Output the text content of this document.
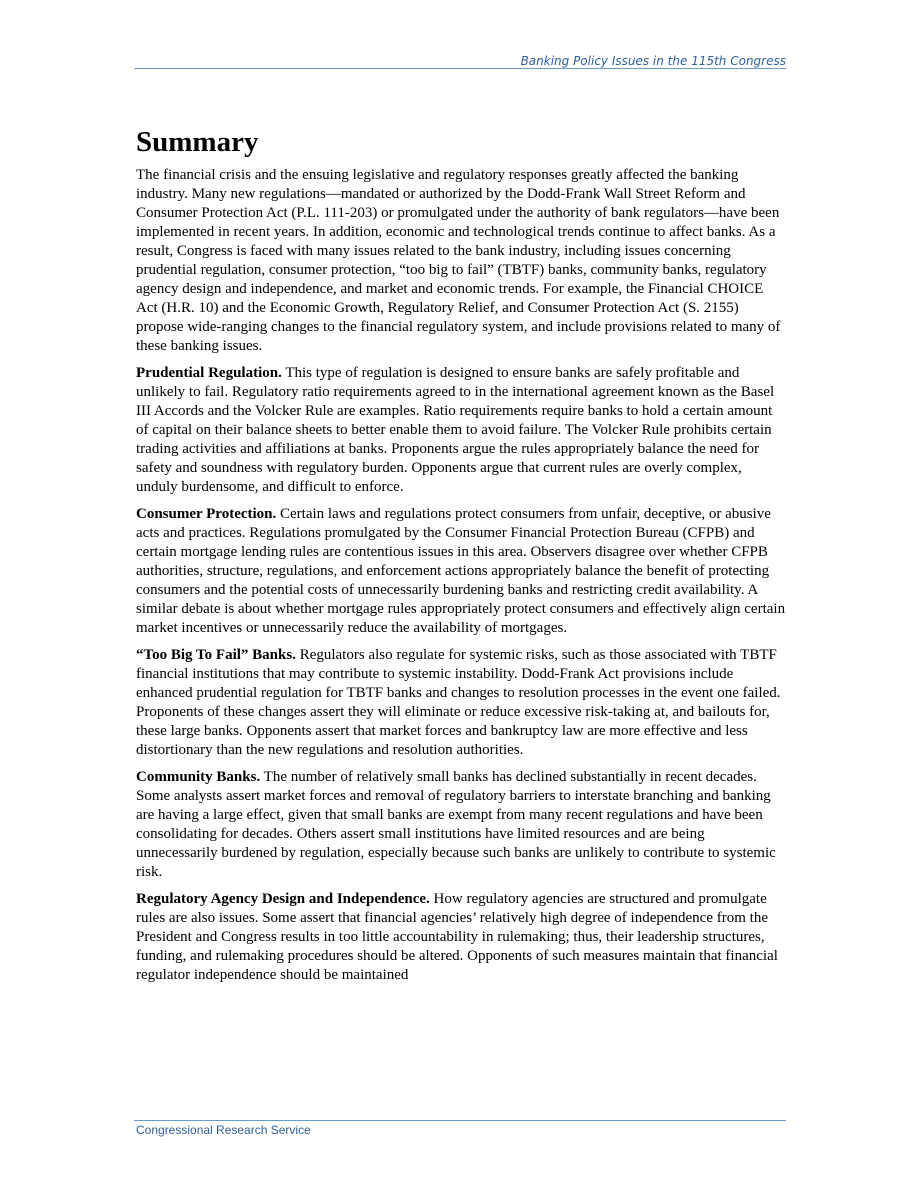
Banking Policy Issues in the 115th Congress
Summary

The financial crisis and the ensuing legislative and regulatory responses greatly affected the banking industry. Many new regulations—mandated or authorized by the Dodd-Frank Wall Street Reform and Consumer Protection Act (P.L. 111-203) or promulgated under the authority of bank regulators—have been implemented in recent years. In addition, economic and technological trends continue to affect banks. As a result, Congress is faced with many issues related to the bank industry, including issues concerning prudential regulation, consumer protection, “too big to fail” (TBTF) banks, community banks, regulatory agency design and independence, and market and economic trends. For example, the Financial CHOICE Act (H.R. 10) and the Economic Growth, Regulatory Relief, and Consumer Protection Act (S. 2155) propose wide-ranging changes to the financial regulatory system, and include provisions related to many of these banking issues.

Prudential Regulation. This type of regulation is designed to ensure banks are safely profitable and unlikely to fail. Regulatory ratio requirements agreed to in the international agreement known as the Basel III Accords and the Volcker Rule are examples. Ratio requirements require banks to hold a certain amount of capital on their balance sheets to better enable them to avoid failure. The Volcker Rule prohibits certain trading activities and affiliations at banks. Proponents argue the rules appropriately balance the need for safety and soundness with regulatory burden. Opponents argue that current rules are overly complex, unduly burdensome, and difficult to enforce.

Consumer Protection. Certain laws and regulations protect consumers from unfair, deceptive, or abusive acts and practices. Regulations promulgated by the Consumer Financial Protection Bureau (CFPB) and certain mortgage lending rules are contentious issues in this area. Observers disagree over whether CFPB authorities, structure, regulations, and enforcement actions appropriately balance the benefit of protecting consumers and the potential costs of unnecessarily burdening banks and restricting credit availability. A similar debate is about whether mortgage rules appropriately protect consumers and effectively align certain market incentives or unnecessarily reduce the availability of mortgages.

“Too Big To Fail” Banks. Regulators also regulate for systemic risks, such as those associated with TBTF financial institutions that may contribute to systemic instability. Dodd-Frank Act provisions include enhanced prudential regulation for TBTF banks and changes to resolution processes in the event one failed. Proponents of these changes assert they will eliminate or reduce excessive risk-taking at, and bailouts for, these large banks. Opponents assert that market forces and bankruptcy law are more effective and less distortionary than the new regulations and resolution authorities.

Community Banks. The number of relatively small banks has declined substantially in recent decades. Some analysts assert market forces and removal of regulatory barriers to interstate branching and banking are having a large effect, given that small banks are exempt from many recent regulations and have been consolidating for decades. Others assert small institutions have limited resources and are being unnecessarily burdened by regulation, especially because such banks are unlikely to contribute to systemic risk.

Regulatory Agency Design and Independence. How regulatory agencies are structured and promulgate rules are also issues. Some assert that financial agencies’ relatively high degree of independence from the President and Congress results in too little accountability in rulemaking; thus, their leadership structures, funding, and rulemaking procedures should be altered. Opponents of such measures maintain that financial regulator independence should be maintained

Congressional Research Service
